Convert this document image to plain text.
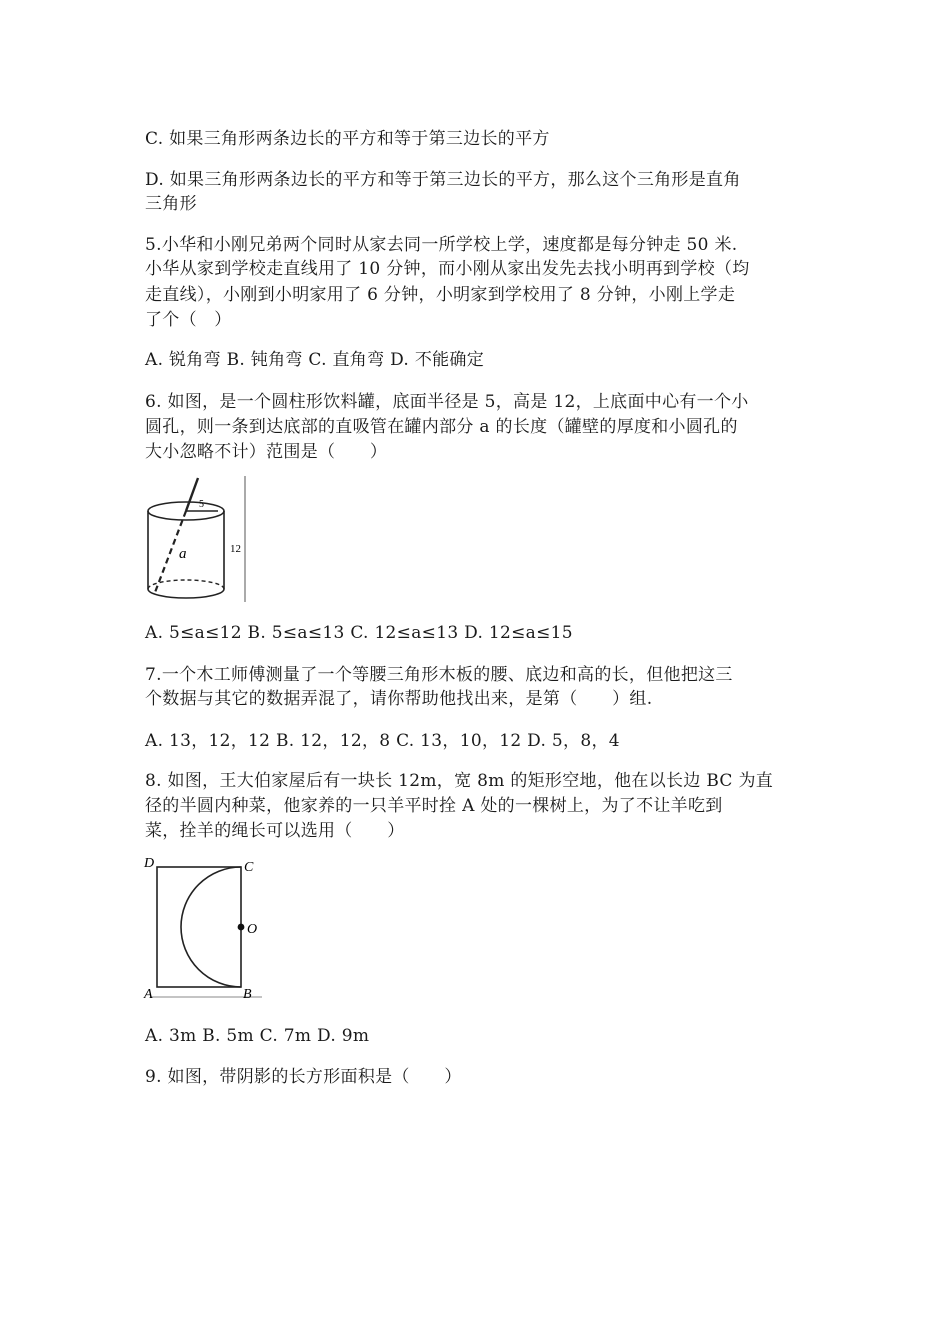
C. 如果三角形两条边长的平方和等于第三边长的平方
D. 如果三角形两条边长的平方和等于第三边长的平方，那么这个三角形是直角
三角形
5.小华和小刚兄弟两个同时从家去同一所学校上学，速度都是每分钟走 50 米.
小华从家到学校走直线用了 10 分钟，而小刚从家出发先去找小明再到学校（均
走直线），小刚到小明家用了 6 分钟，小明家到学校用了 8 分钟，小刚上学走
了个（　）
A. 锐角弯 B. 钝角弯 C. 直角弯 D. 不能确定
6. 如图，是一个圆柱形饮料罐，底面半径是 5，高是 12，上底面中心有一个小
圆孔，则一条到达底部的直吸管在罐内部分 a 的长度（罐壁的厚度和小圆孔的
大小忽略不计）范围是（　　）
5
a	12
A. 5≤a≤12 B. 5≤a≤13 C. 12≤a≤13 D. 12≤a≤15
7.一个木工师傅测量了一个等腰三角形木板的腰、底边和高的长，但他把这三
个数据与其它的数据弄混了，请你帮助他找出来，是第（　　）组.
A. 13，12，12 B. 12，12，8 C. 13，10，12 D. 5，8，4
8. 如图，王大伯家屋后有一块长 12m，宽 8m 的矩形空地，他在以长边 BC 为直
径的半圆内种菜，他家养的一只羊平时拴 A 处的一棵树上，为了不让羊吃到
菜，拴羊的绳长可以选用（　　）
D	C
O
A	B
A. 3m B. 5m C. 7m D. 9m
9. 如图，带阴影的长方形面积是（　　）
